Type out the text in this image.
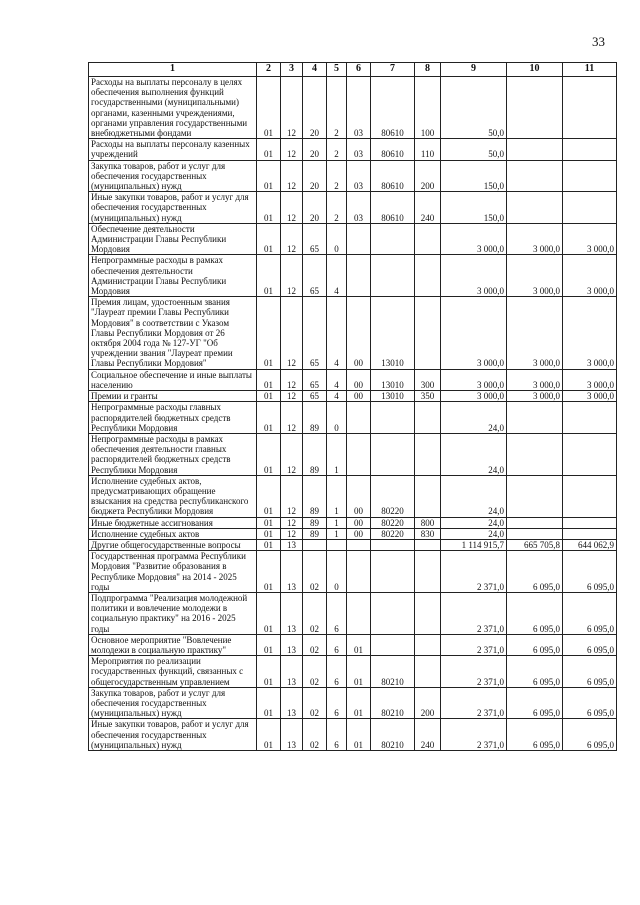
33
1	2	3	4	5	6	7	8	9	10	11
Расходы на выплаты персоналу в целях обеспечения выполнения функций государственными (муниципальными) органами, казенными учреждениями, органами управления государственными внебюджетными фондами	01	12	20	2	03	80610	100	50,0		
Расходы на выплаты персоналу казенных учреждений	01	12	20	2	03	80610	110	50,0		
Закупка товаров, работ и услуг для обеспечения государственных (муниципальных) нужд	01	12	20	2	03	80610	200	150,0		
Иные закупки товаров, работ и услуг для обеспечения государственных (муниципальных) нужд	01	12	20	2	03	80610	240	150,0		
Обеспечение деятельности Администрации Главы Республики Мордовия	01	12	65	0				3 000,0	3 000,0	3 000,0
Непрограммные расходы в рамках обеспечения деятельности Администрации Главы Республики Мордовия	01	12	65	4				3 000,0	3 000,0	3 000,0
Премия лицам, удостоенным звания "Лауреат премии Главы Республики Мордовия" в соответствии с Указом Главы Республики Мордовия от 26 октября 2004 года № 127-УГ "Об учреждении звания "Лауреат премии Главы Республики Мордовия"	01	12	65	4	00	13010		3 000,0	3 000,0	3 000,0
Социальное обеспечение и иные выплаты населению	01	12	65	4	00	13010	300	3 000,0	3 000,0	3 000,0
Премии и гранты	01	12	65	4	00	13010	350	3 000,0	3 000,0	3 000,0
Непрограммные расходы главных распорядителей бюджетных средств Республики Мордовия	01	12	89	0				24,0		
Непрограммные расходы в рамках обеспечения деятельности главных распорядителей бюджетных средств Республики Мордовия	01	12	89	1				24,0		
Исполнение судебных актов, предусматривающих обращение взыскания на средства республиканского бюджета Республики Мордовия	01	12	89	1	00	80220		24,0		
Иные бюджетные ассигнования	01	12	89	1	00	80220	800	24,0		
Исполнение судебных актов	01	12	89	1	00	80220	830	24,0		
Другие общегосударственные вопросы	01	13						1 114 915,7	665 705,8	644 062,9
Государственная программа Республики Мордовия "Развитие образования в Республике Мордовия" на 2014 - 2025 годы	01	13	02	0				2 371,0	6 095,0	6 095,0
Подпрограмма "Реализация молодежной политики и вовлечение молодежи в социальную практику" на 2016 - 2025 годы	01	13	02	6				2 371,0	6 095,0	6 095,0
Основное мероприятие "Вовлечение молодежи в социальную практику"	01	13	02	6	01			2 371,0	6 095,0	6 095,0
Мероприятия по реализации государственных функций, связанных с общегосударственным управлением	01	13	02	6	01	80210		2 371,0	6 095,0	6 095,0
Закупка товаров, работ и услуг для обеспечения государственных (муниципальных) нужд	01	13	02	6	01	80210	200	2 371,0	6 095,0	6 095,0
Иные закупки товаров, работ и услуг для обеспечения государственных (муниципальных) нужд	01	13	02	6	01	80210	240	2 371,0	6 095,0	6 095,0
